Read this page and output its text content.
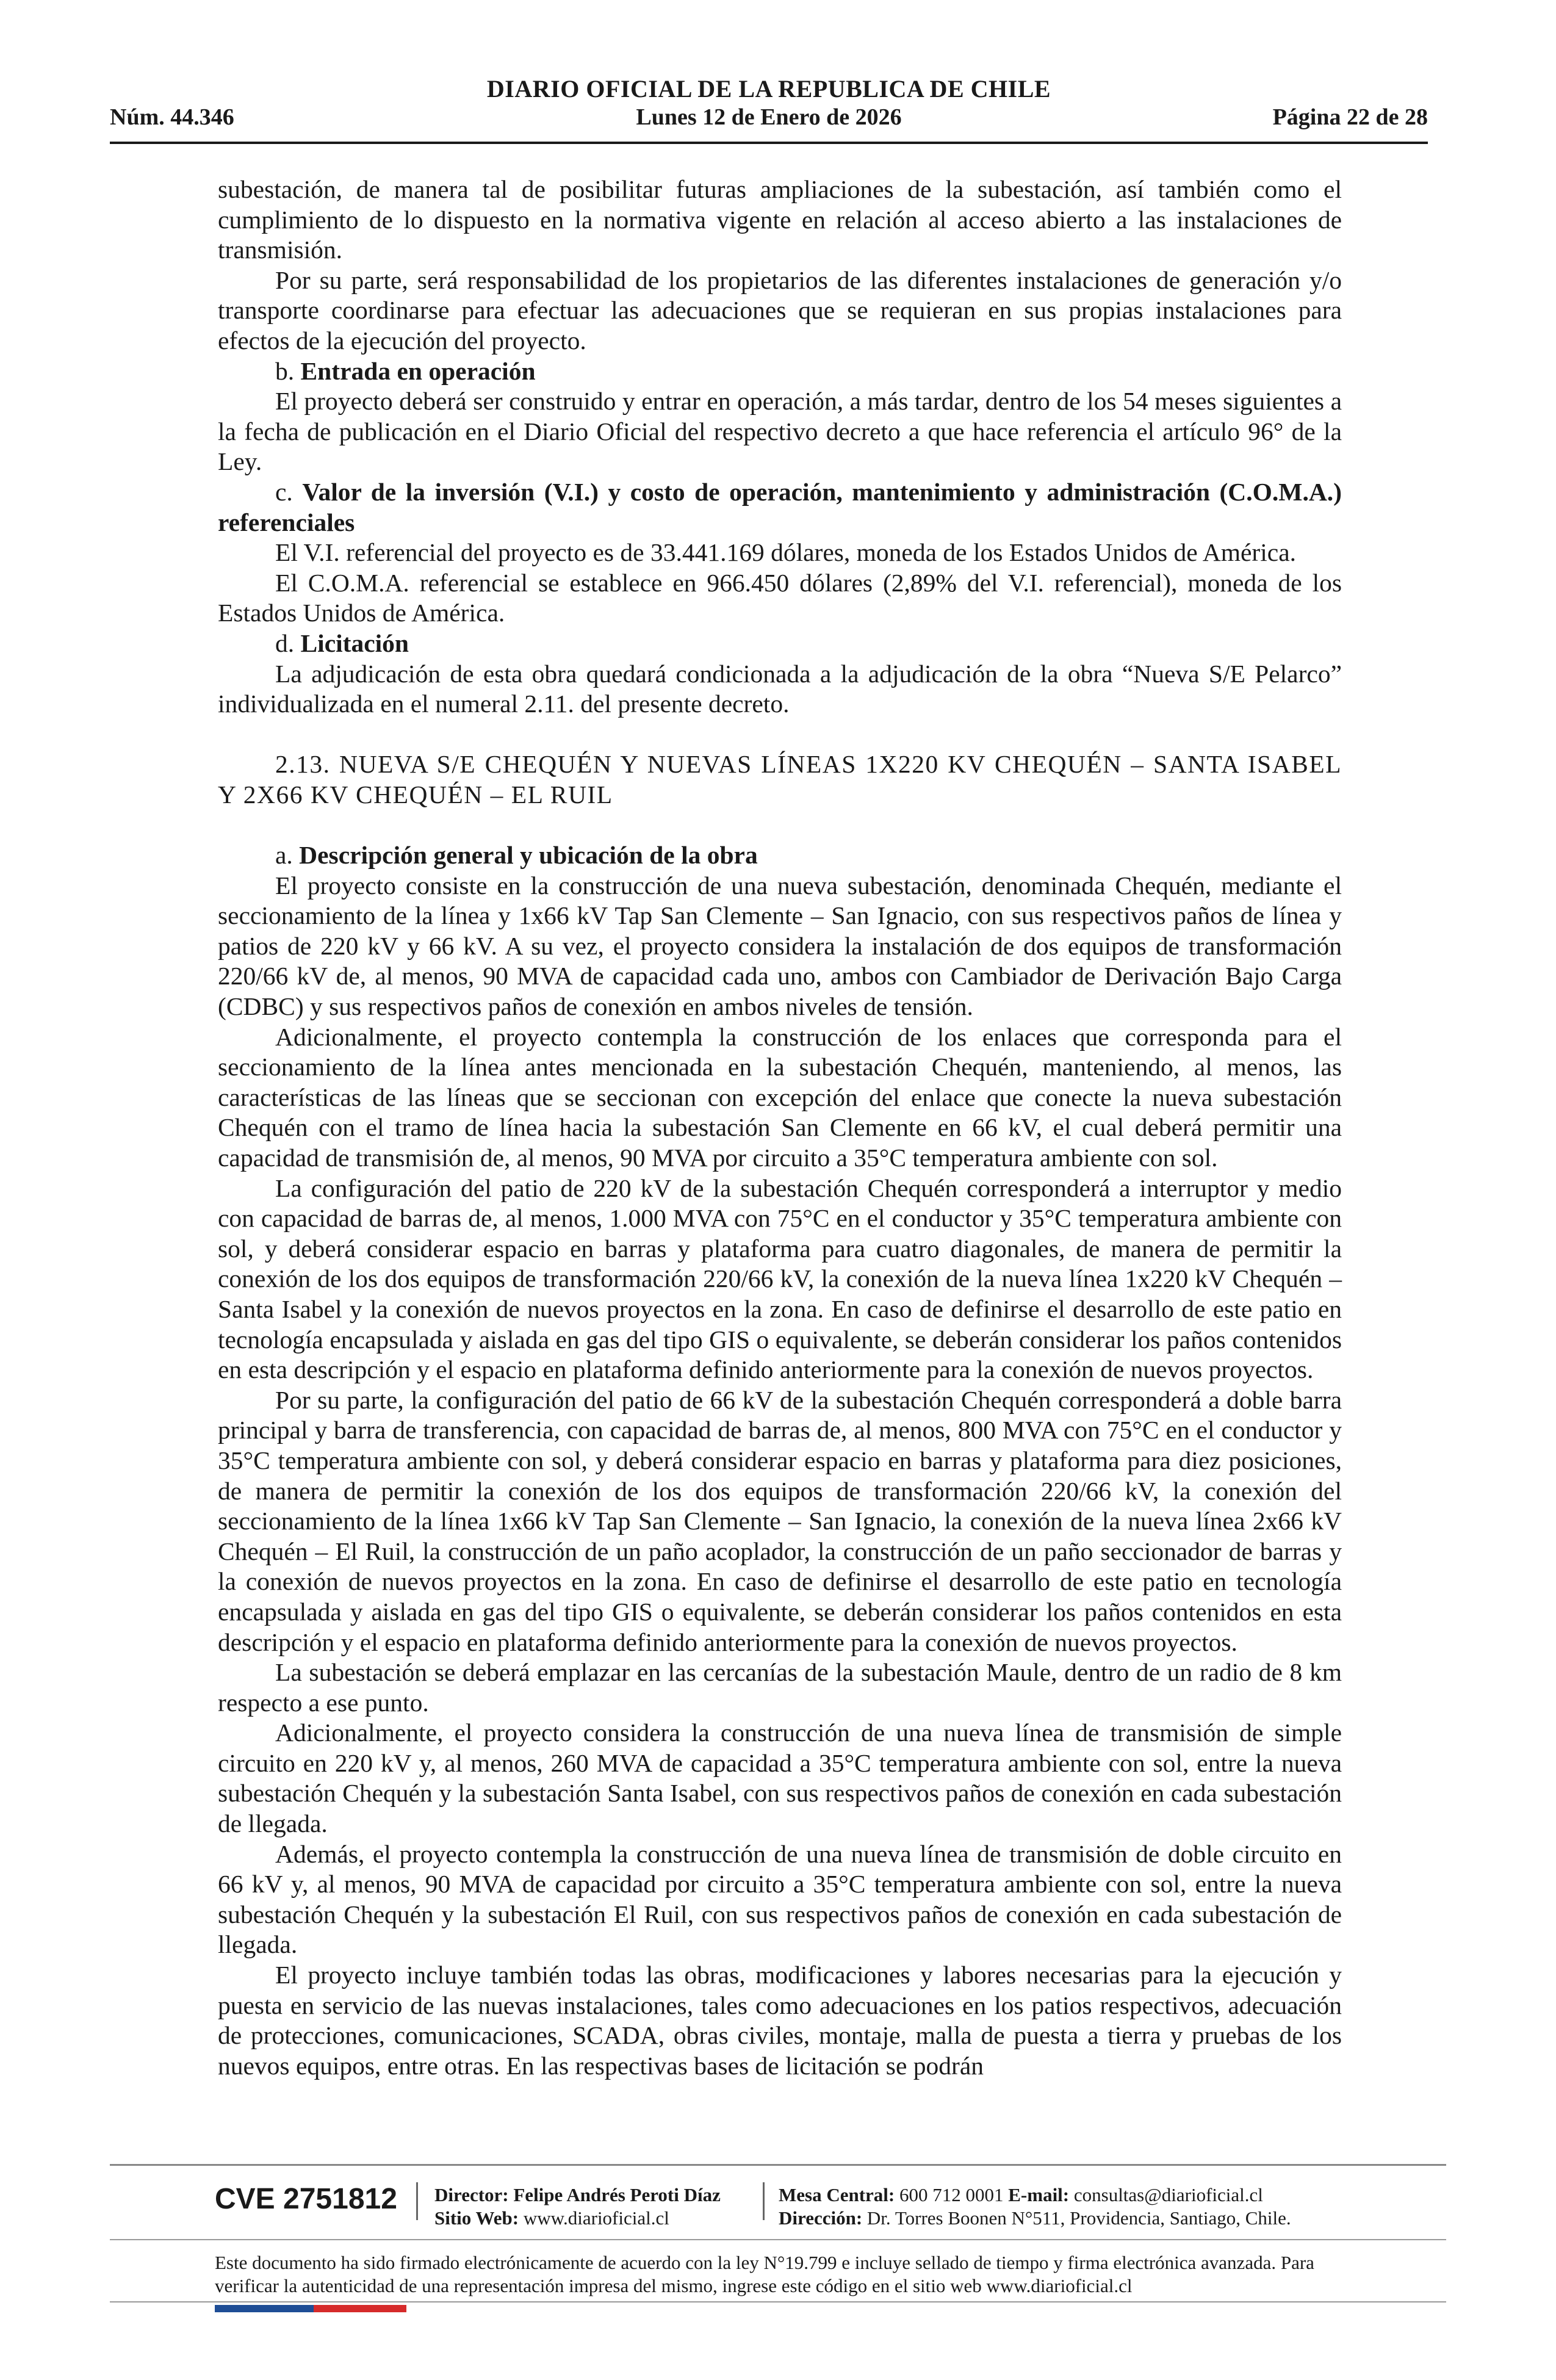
DIARIO OFICIAL DE LA REPUBLICA DE CHILE
Núm. 44.346	Lunes 12 de Enero de 2026	Página 22 de 28

subestación, de manera tal de posibilitar futuras ampliaciones de la subestación, así también como el cumplimiento de lo dispuesto en la normativa vigente en relación al acceso abierto a las instalaciones de transmisión.

Por su parte, será responsabilidad de los propietarios de las diferentes instalaciones de generación y/o transporte coordinarse para efectuar las adecuaciones que se requieran en sus propias instalaciones para efectos de la ejecución del proyecto.

b. Entrada en operación

El proyecto deberá ser construido y entrar en operación, a más tardar, dentro de los 54 meses siguientes a la fecha de publicación en el Diario Oficial del respectivo decreto a que hace referencia el artículo 96° de la Ley.

c. Valor de la inversión (V.I.) y costo de operación, mantenimiento y administración (C.O.M.A.) referenciales

El V.I. referencial del proyecto es de 33.441.169 dólares, moneda de los Estados Unidos de América.

El C.O.M.A. referencial se establece en 966.450 dólares (2,89% del V.I. referencial), moneda de los Estados Unidos de América.

d. Licitación

La adjudicación de esta obra quedará condicionada a la adjudicación de la obra “Nueva S/E Pelarco” individualizada en el numeral 2.11. del presente decreto.

2.13. NUEVA S/E CHEQUÉN Y NUEVAS LÍNEAS 1X220 KV CHEQUÉN – SANTA ISABEL Y 2X66 KV CHEQUÉN – EL RUIL

a. Descripción general y ubicación de la obra

El proyecto consiste en la construcción de una nueva subestación, denominada Chequén, mediante el seccionamiento de la línea y 1x66 kV Tap San Clemente – San Ignacio, con sus respectivos paños de línea y patios de 220 kV y 66 kV. A su vez, el proyecto considera la instalación de dos equipos de transformación 220/66 kV de, al menos, 90 MVA de capacidad cada uno, ambos con Cambiador de Derivación Bajo Carga (CDBC) y sus respectivos paños de conexión en ambos niveles de tensión.

Adicionalmente, el proyecto contempla la construcción de los enlaces que corresponda para el seccionamiento de la línea antes mencionada en la subestación Chequén, manteniendo, al menos, las características de las líneas que se seccionan con excepción del enlace que conecte la nueva subestación Chequén con el tramo de línea hacia la subestación San Clemente en 66 kV, el cual deberá permitir una capacidad de transmisión de, al menos, 90 MVA por circuito a 35°C temperatura ambiente con sol.

La configuración del patio de 220 kV de la subestación Chequén corresponderá a interruptor y medio con capacidad de barras de, al menos, 1.000 MVA con 75°C en el conductor y 35°C temperatura ambiente con sol, y deberá considerar espacio en barras y plataforma para cuatro diagonales, de manera de permitir la conexión de los dos equipos de transformación 220/66 kV, la conexión de la nueva línea 1x220 kV Chequén – Santa Isabel y la conexión de nuevos proyectos en la zona. En caso de definirse el desarrollo de este patio en tecnología encapsulada y aislada en gas del tipo GIS o equivalente, se deberán considerar los paños contenidos en esta descripción y el espacio en plataforma definido anteriormente para la conexión de nuevos proyectos.

Por su parte, la configuración del patio de 66 kV de la subestación Chequén corresponderá a doble barra principal y barra de transferencia, con capacidad de barras de, al menos, 800 MVA con 75°C en el conductor y 35°C temperatura ambiente con sol, y deberá considerar espacio en barras y plataforma para diez posiciones, de manera de permitir la conexión de los dos equipos de transformación 220/66 kV, la conexión del seccionamiento de la línea 1x66 kV Tap San Clemente – San Ignacio, la conexión de la nueva línea 2x66 kV Chequén – El Ruil, la construcción de un paño acoplador, la construcción de un paño seccionador de barras y la conexión de nuevos proyectos en la zona. En caso de definirse el desarrollo de este patio en tecnología encapsulada y aislada en gas del tipo GIS o equivalente, se deberán considerar los paños contenidos en esta descripción y el espacio en plataforma definido anteriormente para la conexión de nuevos proyectos.

La subestación se deberá emplazar en las cercanías de la subestación Maule, dentro de un radio de 8 km respecto a ese punto.

Adicionalmente, el proyecto considera la construcción de una nueva línea de transmisión de simple circuito en 220 kV y, al menos, 260 MVA de capacidad a 35°C temperatura ambiente con sol, entre la nueva subestación Chequén y la subestación Santa Isabel, con sus respectivos paños de conexión en cada subestación de llegada.

Además, el proyecto contempla la construcción de una nueva línea de transmisión de doble circuito en 66 kV y, al menos, 90 MVA de capacidad por circuito a 35°C temperatura ambiente con sol, entre la nueva subestación Chequén y la subestación El Ruil, con sus respectivos paños de conexión en cada subestación de llegada.

El proyecto incluye también todas las obras, modificaciones y labores necesarias para la ejecución y puesta en servicio de las nuevas instalaciones, tales como adecuaciones en los patios respectivos, adecuación de protecciones, comunicaciones, SCADA, obras civiles, montaje, malla de puesta a tierra y pruebas de los nuevos equipos, entre otras. En las respectivas bases de licitación se podrán

CVE 2751812 Director: Felipe Andrés Peroti Díaz
Sitio Web: www.diarioficial.cl
Mesa Central: 600 712 0001 E-mail: consultas@diarioficial.cl
Dirección: Dr. Torres Boonen N°511, Providencia, Santiago, Chile.
Este documento ha sido firmado electrónicamente de acuerdo con la ley N°19.799 e incluye sellado de tiempo y firma electrónica avanzada. Para verificar la autenticidad de una representación impresa del mismo, ingrese este código en el sitio web www.diarioficial.cl
